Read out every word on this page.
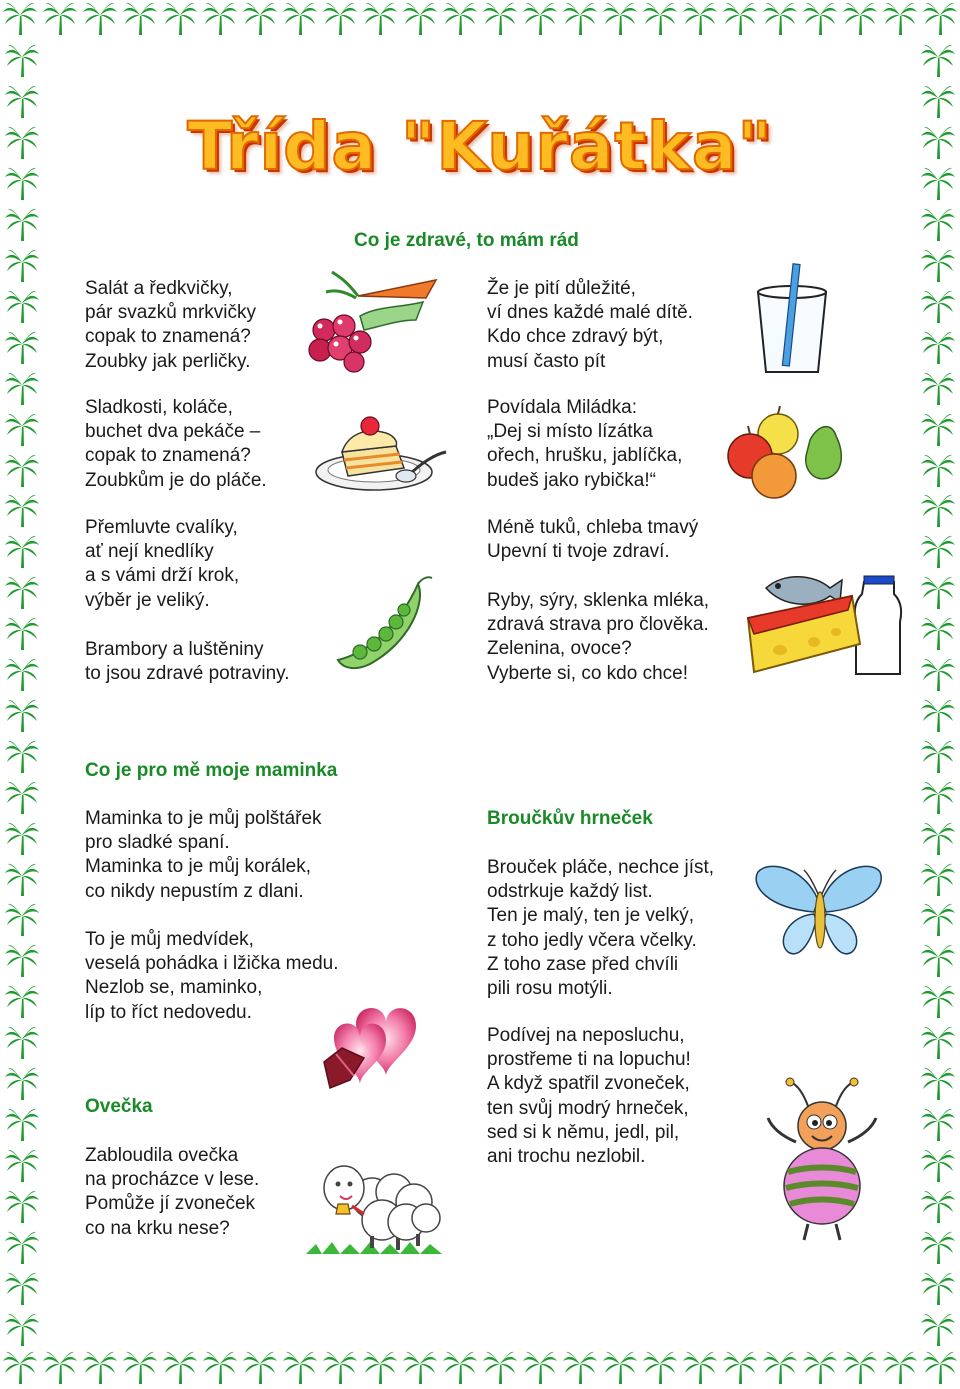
Třída "Kuřátka"
Co je zdravé, to mám rád

Salát a ředkvičky,
pár svazků mrkvičky
copak to znamená?
Zoubky jak perličky.

Sladkosti, koláče,
buchet dva pekáče –
copak to znamená?
Zoubkům je do pláče.

Přemluvte cvalíky,
ať nejí knedlíky
a s vámi drží krok,
výběr je veliký.

Brambory a luštěniny
to jsou zdravé potraviny.

Že je pití důležité,
ví dnes každé malé dítě.
Kdo chce zdravý být,
musí často pít

Povídala Miládka:
„Dej si místo lízátka
ořech, hrušku, jablíčka,
budeš jako rybička!“

Méně tuků, chleba tmavý
Upevní ti tvoje zdraví.

Ryby, sýry, sklenka mléka,
zdravá strava pro člověka.
Zelenina, ovoce?
Vyberte si, co kdo chce!

Co je pro mě moje maminka

Maminka to je můj polštářek
pro sladké spaní.
Maminka to je můj korálek,
co nikdy nepustím z dlani.

To je můj medvídek,
veselá pohádka i lžička medu.
Nezlob se, maminko,
líp to říct nedovedu.

Ovečka

Zabloudila ovečka
na procházce v lese.
Pomůže jí zvoneček
co na krku nese?

Broučkův hrneček

Brouček pláče, nechce jíst,
odstrkuje každý list.
Ten je malý, ten je velký,
z toho jedly včera včelky.
Z toho zase před chvíli
pili rosu motýli.

Podívej na neposluchu,
prostřeme ti na lopuchu!
A když spatřil zvoneček,
ten svůj modrý hrneček,
sed si k němu, jedl, pil,
ani trochu nezlobil.
